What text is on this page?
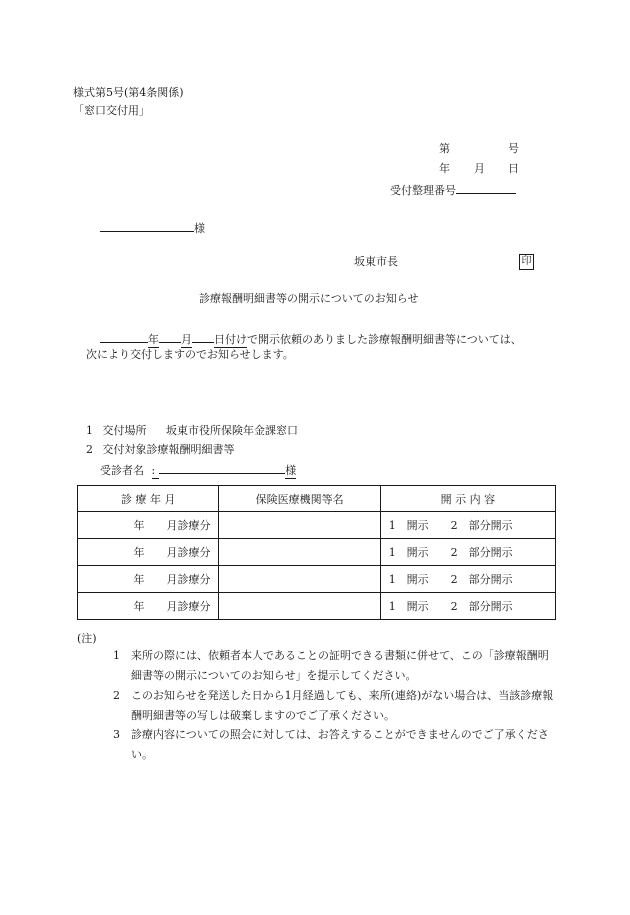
様式第5号(第4条関係)
「窓口交付用」
第	号
年 月 日
受付整理番号
様
坂東市長	印
診療報酬明細書等の開示についてのお知らせ
年 月 日付けで開示依頼のありました診療報酬明細書等については、
次により交付しますのでお知らせします。
1 交付場所 坂東市役所保険年金課窓口
2 交付対象診療報酬明細書等
受診者名 :	様
診 療 年 月	保険医療機関等名	開 示 内 容
年　　月診療分		1　開示　　2　部分開示
年　　月診療分		1　開示　　2　部分開示
年　　月診療分		1　開示　　2　部分開示
年　　月診療分		1　開示　　2　部分開示
(注)
1	来所の際には、依頼者本人であることの証明できる書類に併せて、この「診療報酬明細書等の開示についてのお知らせ」を提示してください。
2	このお知らせを発送した日から1月経過しても、来所(連絡)がない場合は、当該診療報酬明細書等の写しは破棄しますのでご了承ください。
3	診療内容についての照会に対しては、お答えすることができませんのでご了承ください。
